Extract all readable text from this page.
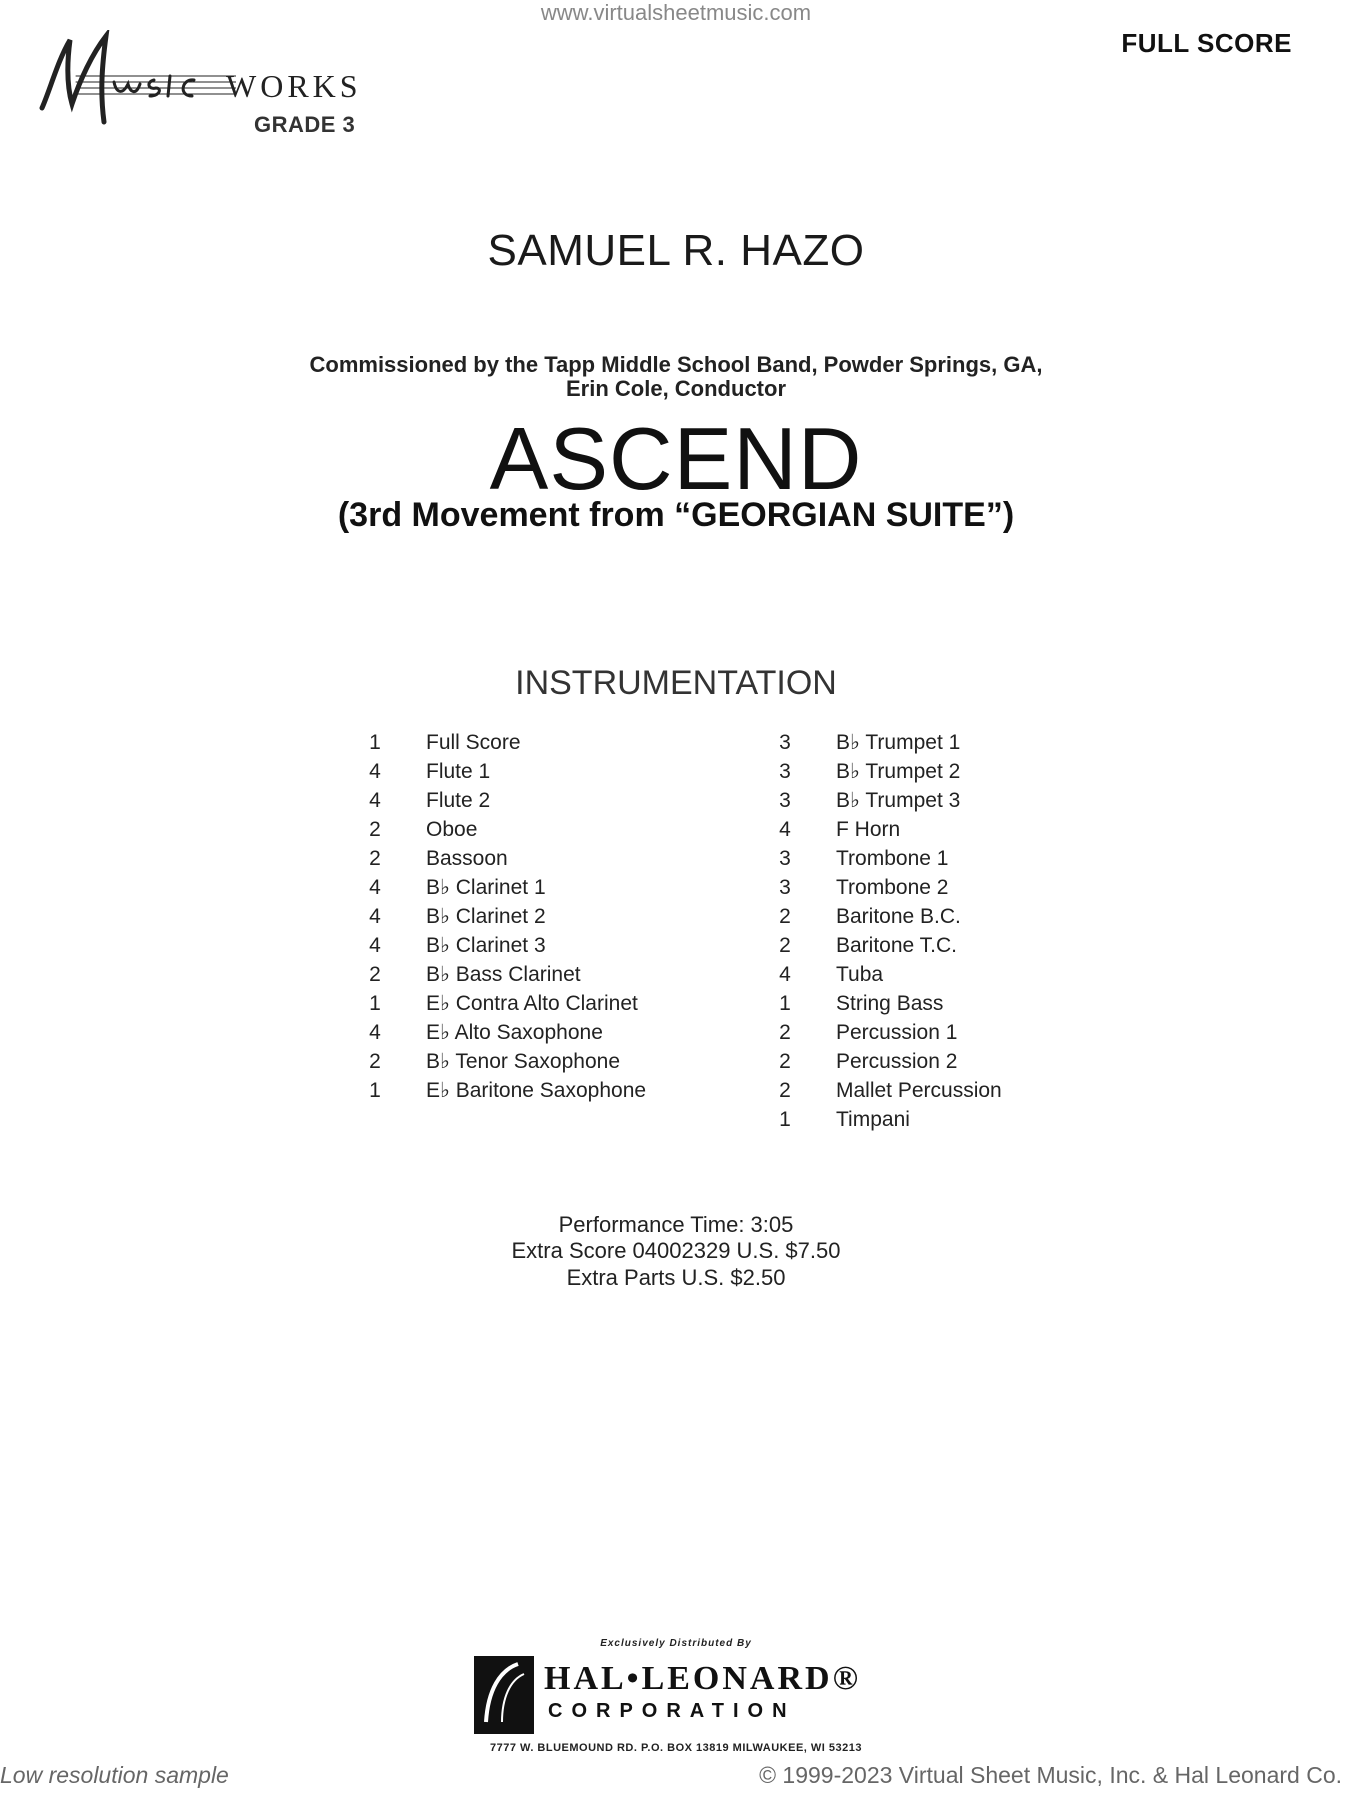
www.virtualsheetmusic.com
FULL SCORE
WORKS
GRADE 3
SAMUEL R. HAZO
Commissioned by the Tapp Middle School Band, Powder Springs, GA,
Erin Cole, Conductor
ASCEND
(3rd Movement from “GEORGIAN SUITE”)
INSTRUMENTATION
1	Full Score
4	Flute 1
4	Flute 2
2	Oboe
2	Bassoon
4	B♭ Clarinet 1
4	B♭ Clarinet 2
4	B♭ Clarinet 3
2	B♭ Bass Clarinet
1	E♭ Contra Alto Clarinet
4	E♭ Alto Saxophone
2	B♭ Tenor Saxophone
1	E♭ Baritone Saxophone
3	B♭ Trumpet 1
3	B♭ Trumpet 2
3	B♭ Trumpet 3
4	F Horn
3	Trombone 1
3	Trombone 2
2	Baritone B.C.
2	Baritone T.C.
4	Tuba
1	String Bass
2	Percussion 1
2	Percussion 2
2	Mallet Percussion
1	Timpani
Performance Time: 3:05
Extra Score 04002329 U.S. $7.50
Extra Parts U.S. $2.50
Exclusively Distributed By
HAL•LEONARD®
CORPORATION
7777 W. BLUEMOUND RD. P.O. BOX 13819 MILWAUKEE, WI 53213
Low resolution sample	© 1999-2023 Virtual Sheet Music, Inc. & Hal Leonard Co.
